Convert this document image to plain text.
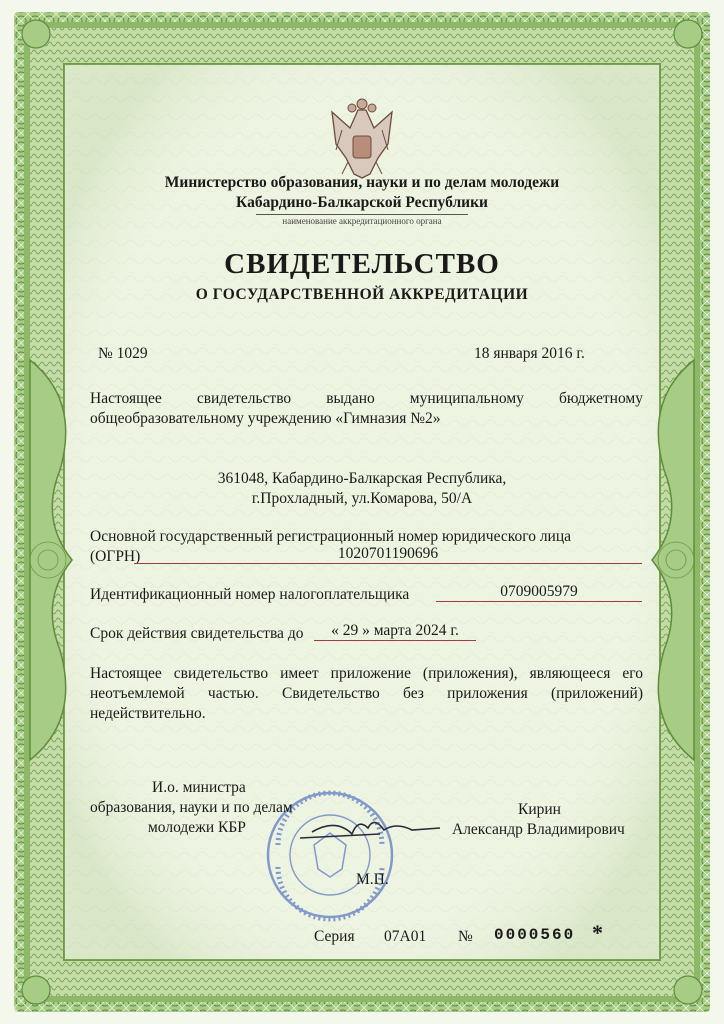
Министерство образования, науки и по делам молодежи

Кабардино-Балкарской Республики

наименование аккредитационного органа

СВИДЕТЕЛЬСТВО

О ГОСУДАРСТВЕННОЙ АККРЕДИТАЦИИ

№ 1029	18 января 2016 г.

Настоящее свидетельство выдано муниципальному бюджетному

общеобразовательному учреждению «Гимназия №2»

361048, Кабардино-Балкарская Республика,

г.Прохладный, ул.Комарова, 50/А

Основной государственный регистрационный номер юридического лица

(ОГРН)	1020701190696

Идентификационный номер налогоплательщика	0709005979

Срок действия свидетельства до	« 29 » марта 2024 г.

Настоящее свидетельство имеет приложение (приложения), являющееся его

неотъемлемой частью. Свидетельство без приложения (приложений)

недействительно.

И.о. министра

образования, науки и по делам

молодежи КБР

Кирин

Александр Владимирович

М.П.

Серия 07А01 № 0000560 *
